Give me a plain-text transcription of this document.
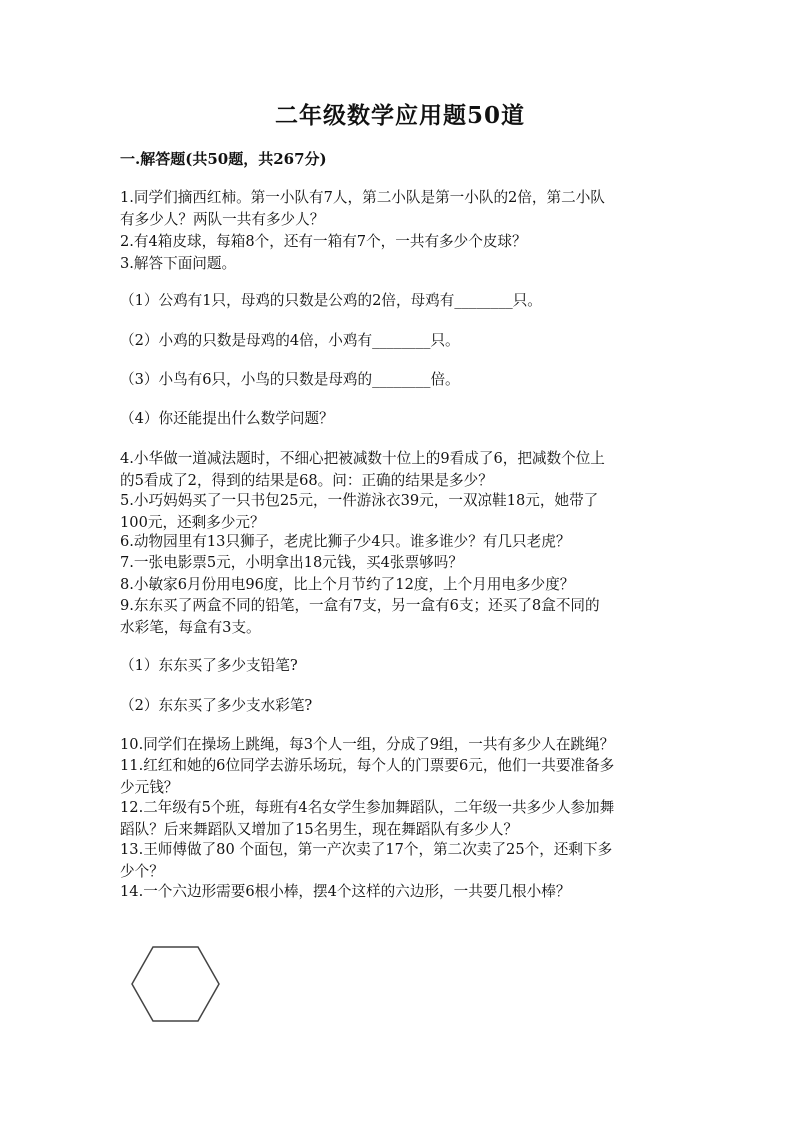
二年级数学应用题50道
一.解答题(共50题，共267分)
1.同学们摘西红柿。第一小队有7人，第二小队是第一小队的2倍，第二小队
有多少人？两队一共有多少人？
2.有4箱皮球，每箱8个，还有一箱有7个，一共有多少个皮球？
3.解答下面问题。
（1）公鸡有1只，母鸡的只数是公鸡的2倍，母鸡有________只。
（2）小鸡的只数是母鸡的4倍，小鸡有________只。
（3）小鸟有6只，小鸟的只数是母鸡的________倍。
（4）你还能提出什么数学问题？
4.小华做一道减法题时，不细心把被减数十位上的9看成了6，把减数个位上
的5看成了2，得到的结果是68。问：正确的结果是多少？
5.小巧妈妈买了一只书包25元，一件游泳衣39元，一双凉鞋18元，她带了
100元，还剩多少元？
6.动物园里有13只狮子，老虎比狮子少4只。谁多谁少？有几只老虎？
7.一张电影票5元，小明拿出18元钱，买4张票够吗？
8.小敏家6月份用电96度，比上个月节约了12度，上个月用电多少度？
9.东东买了两盒不同的铅笔，一盒有7支，另一盒有6支；还买了8盒不同的
水彩笔，每盒有3支。
（1）东东买了多少支铅笔?
（2）东东买了多少支水彩笔?
10.同学们在操场上跳绳，每3个人一组，分成了9组，一共有多少人在跳绳？
11.红红和她的6位同学去游乐场玩，每个人的门票要6元，他们一共要准备多
少元钱？
12.二年级有5个班，每班有4名女学生参加舞蹈队，二年级一共多少人参加舞
蹈队？后来舞蹈队又增加了15名男生，现在舞蹈队有多少人？
13.王师傅做了80 个面包，第一产次卖了17个，第二次卖了25个，还剩下多
少个？
14.一个六边形需要6根小棒，摆4个这样的六边形，一共要几根小棒？
